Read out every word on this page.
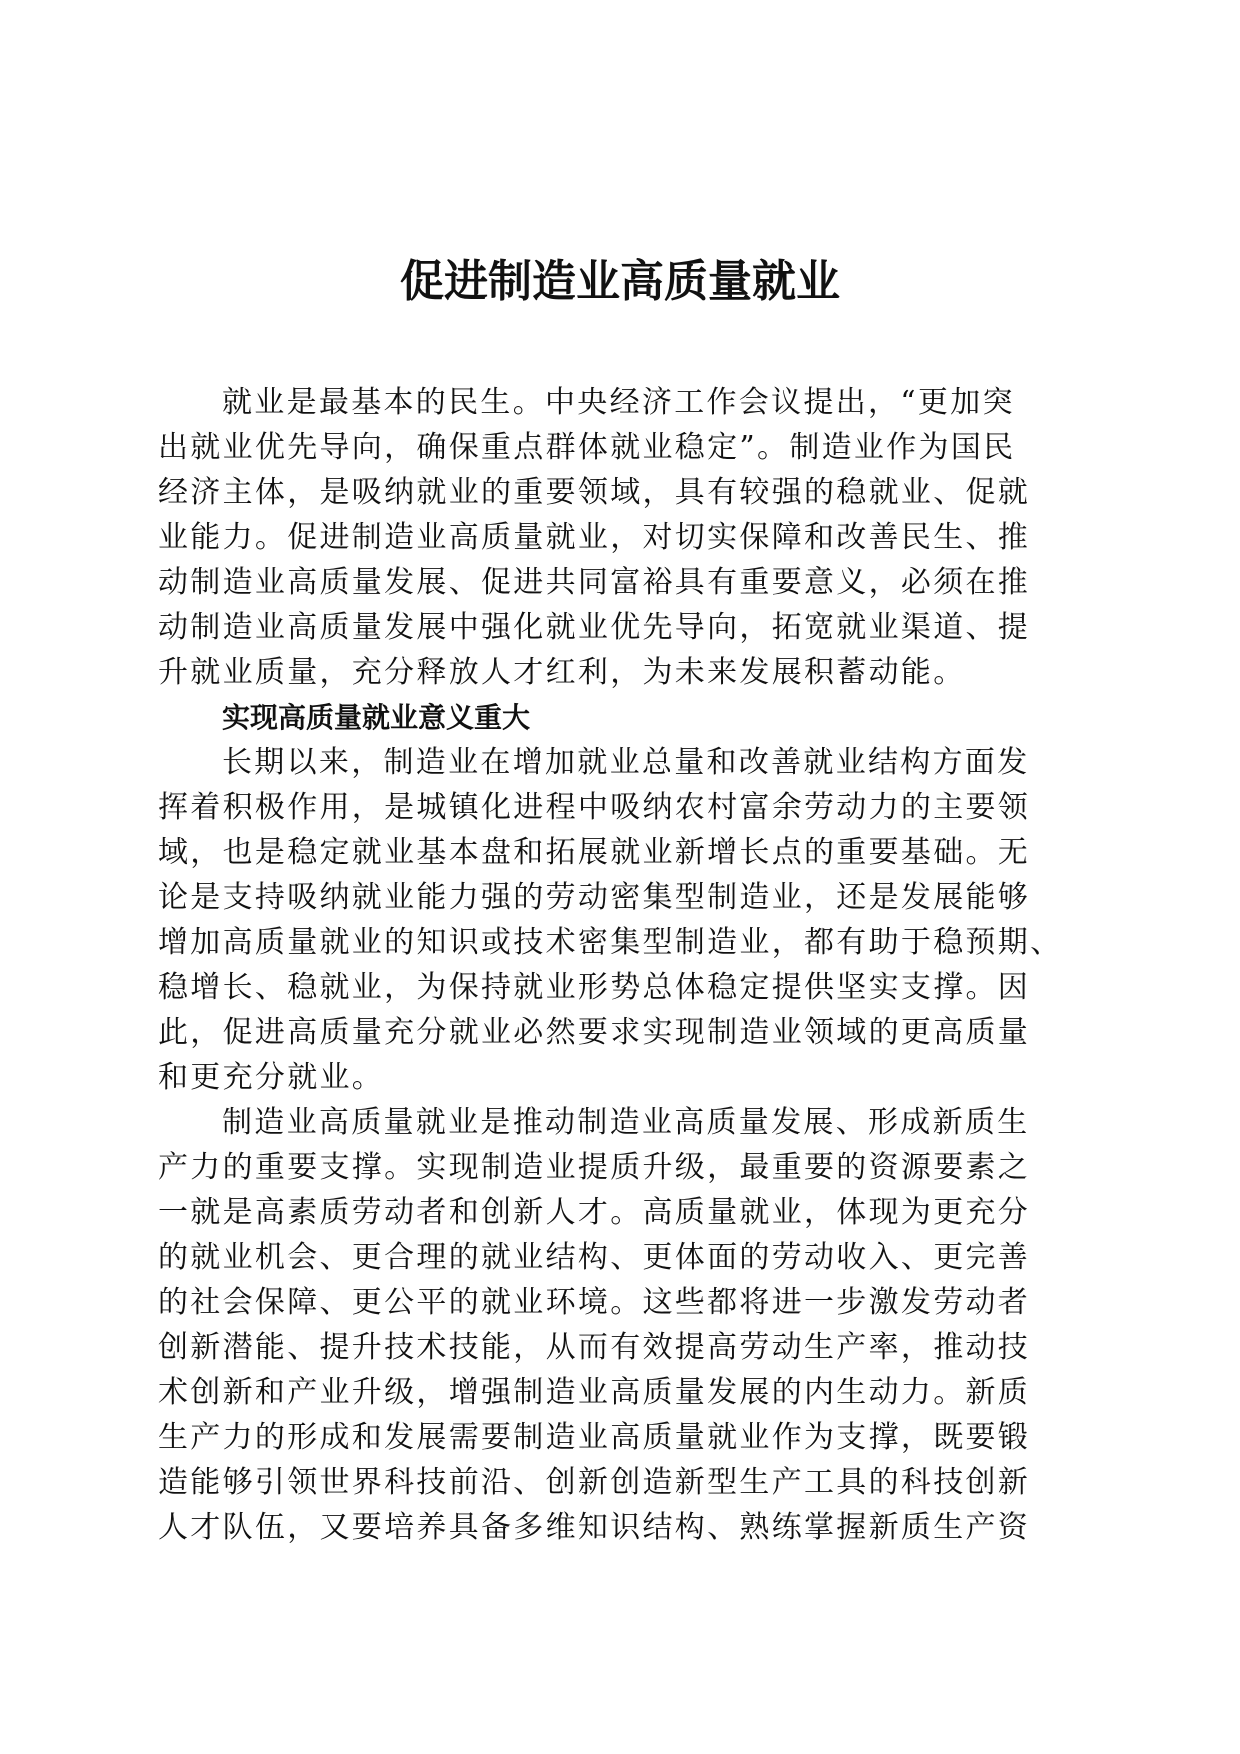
促进制造业高质量就业
就业是最基本的民生。中央经济工作会议提出，“更加突
出就业优先导向，确保重点群体就业稳定”。制造业作为国民
经济主体，是吸纳就业的重要领域，具有较强的稳就业、促就
业能力。促进制造业高质量就业，对切实保障和改善民生、推
动制造业高质量发展、促进共同富裕具有重要意义，必须在推
动制造业高质量发展中强化就业优先导向，拓宽就业渠道、提
升就业质量，充分释放人才红利，为未来发展积蓄动能。
实现高质量就业意义重大
长期以来，制造业在增加就业总量和改善就业结构方面发
挥着积极作用，是城镇化进程中吸纳农村富余劳动力的主要领
域，也是稳定就业基本盘和拓展就业新增长点的重要基础。无
论是支持吸纳就业能力强的劳动密集型制造业，还是发展能够
增加高质量就业的知识或技术密集型制造业，都有助于稳预期、
稳增长、稳就业，为保持就业形势总体稳定提供坚实支撑。因
此，促进高质量充分就业必然要求实现制造业领域的更高质量
和更充分就业。
制造业高质量就业是推动制造业高质量发展、形成新质生
产力的重要支撑。实现制造业提质升级，最重要的资源要素之
一就是高素质劳动者和创新人才。高质量就业，体现为更充分
的就业机会、更合理的就业结构、更体面的劳动收入、更完善
的社会保障、更公平的就业环境。这些都将进一步激发劳动者
创新潜能、提升技术技能，从而有效提高劳动生产率，推动技
术创新和产业升级，增强制造业高质量发展的内生动力。新质
生产力的形成和发展需要制造业高质量就业作为支撑，既要锻
造能够引领世界科技前沿、创新创造新型生产工具的科技创新
人才队伍，又要培养具备多维知识结构、熟练掌握新质生产资
